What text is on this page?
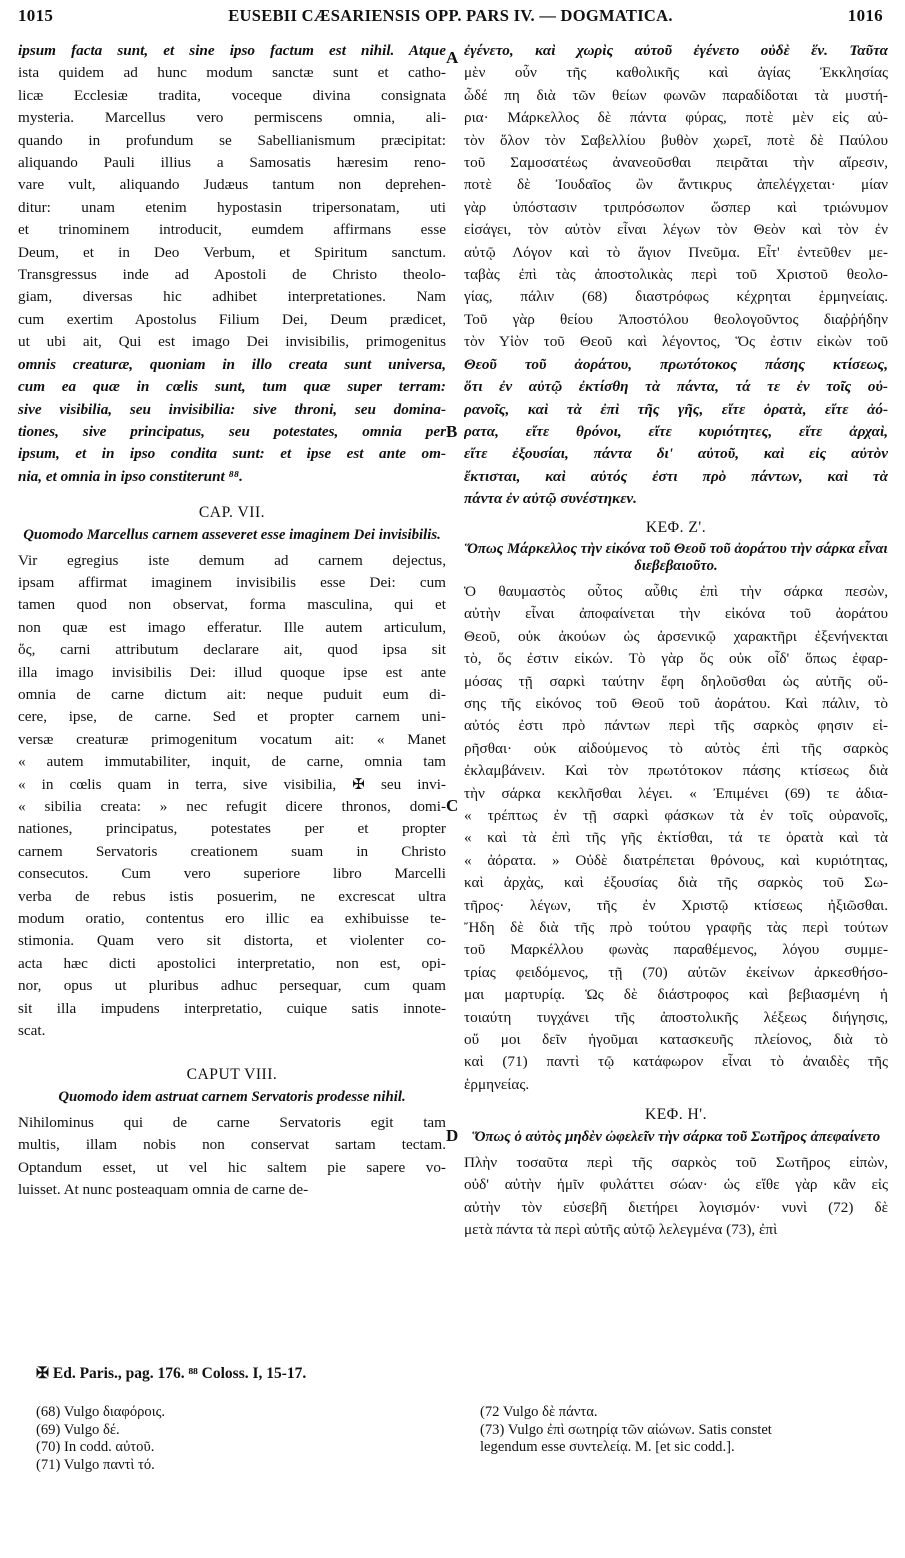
1015	EUSEBII CÆSARIENSIS OPP. PARS IV. — DOGMATICA.	1016
A
B
C
D

ipsum facta sunt, et sine ipso factum est nihil. Atque

ista quidem ad hunc modum sanctæ sunt et catho-

licæ Ecclesiæ tradita, voceque divina consignata

mysteria. Marcellus vero permiscens omnia, ali-

quando in profundum se Sabellianismum præcipitat:

aliquando Pauli illius a Samosatis hæresim reno-

vare vult, aliquando Judæus tantum non deprehen-

ditur: unam etenim hypostasin tripersonatam, uti

et trinominem introducit, eumdem affirmans esse

Deum, et in Deo Verbum, et Spiritum sanctum.

Transgressus inde ad Apostoli de Christo theolo-

giam, diversas hic adhibet interpretationes. Nam

cum exertim Apostolus Filium Dei, Deum prædicet,

ut ubi ait, Qui est imago Dei invisibilis, primogenitus

omnis creaturæ, quoniam in illo creata sunt universa,

cum ea quæ in cœlis sunt, tum quæ super terram:

sive visibilia, seu invisibilia: sive throni, seu domina-

tiones, sive principatus, seu potestates, omnia per

ipsum, et in ipso condita sunt: et ipse est ante om-

nia, et omnia in ipso constiterunt ⁸⁸.

CAP. VII.
Quomodo Marcellus carnem asseveret esse imaginem Dei invisibilis.

Vir egregius iste demum ad carnem dejectus,

ipsam affirmat imaginem invisibilis esse Dei: cum

tamen quod non observat, forma masculina, qui et

non quæ est imago efferatur. Ille autem articulum,

ὅς, carni attributum declarare ait, quod ipsa sit

illa imago invisibilis Dei: illud quoque ipse est ante

omnia de carne dictum ait: neque puduit eum di-

cere, ipse, de carne. Sed et propter carnem uni-

versæ creaturæ primogenitum vocatum ait: « Manet

« autem immutabiliter, inquit, de carne, omnia tam

« in cœlis quam in terra, sive visibilia, ✠ seu invi-

« sibilia creata: » nec refugit dicere thronos, domi-

nationes, principatus, potestates per et propter

carnem Servatoris creationem suam in Christo

consecutos. Cum vero superiore libro Marcelli

verba de rebus istis posuerim, ne excrescat ultra

modum oratio, contentus ero illic ea exhibuisse te-

stimonia. Quam vero sit distorta, et violenter co-

acta hæc dicti apostolici interpretatio, non est, opi-

nor, opus ut pluribus adhuc persequar, cum quam

sit illa impudens interpretatio, cuique satis innote-

scat.

CAPUT VIII.
Quomodo idem astruat carnem Servatoris prodesse nihil.

Nihilominus qui de carne Servatoris egit tam

multis, illam nobis non conservat sartam tectam.

Optandum esset, ut vel hic saltem pie sapere vo-

luisset. At nunc posteaquam omnia de carne de-

ἐγένετο, καὶ χωρὶς αὐτοῦ ἐγένετο οὐδὲ ἕν. Ταῦτα

μὲν οὖν τῆς καθολικῆς καὶ ἁγίας Ἐκκλησίας

ὧδέ πη διὰ τῶν θείων φωνῶν παραδίδοται τὰ μυστή-

ρια· Μάρκελλος δὲ πάντα φύρας, ποτὲ μὲν εἰς αὐ-

τὸν ὅλον τὸν Σαβελλίου βυθὸν χωρεῖ, ποτὲ δὲ Παύλου

τοῦ Σαμοσατέως ἀνανεοῦσθαι πειρᾶται τὴν αἵρεσιν,

ποτὲ δὲ Ἰουδαῖος ὢν ἄντικρυς ἀπελέγχεται· μίαν

γὰρ ὑπόστασιν τριπρόσωπον ὥσπερ καὶ τριώνυμον

εἰσάγει, τὸν αὐτὸν εἶναι λέγων τὸν Θεὸν καὶ τὸν ἐν

αὐτῷ Λόγον καὶ τὸ ἅγιον Πνεῦμα. Εἶτ' ἐντεῦθεν με-

ταβὰς ἐπὶ τὰς ἀποστολικὰς περὶ τοῦ Χριστοῦ θεολο-

γίας, πάλιν (68) διαστρόφως κέχρηται ἑρμηνείαις.

Τοῦ γὰρ θείου Ἀποστόλου θεολογοῦντος διαῤῥήδην

τὸν Υἱὸν τοῦ Θεοῦ καὶ λέγοντος, Ὅς ἐστιν εἰκὼν τοῦ

Θεοῦ τοῦ ἀοράτου, πρωτότοκος πάσης κτίσεως,

ὅτι ἐν αὐτῷ ἐκτίσθη τὰ πάντα, τά τε ἐν τοῖς οὐ-

ρανοῖς, καὶ τὰ ἐπὶ τῆς γῆς, εἴτε ὁρατὰ, εἴτε ἀό-

ρατα, εἴτε θρόνοι, εἴτε κυριότητες, εἴτε ἀρχαὶ,

εἴτε ἐξουσίαι, πάντα δι' αὐτοῦ, καὶ εἰς αὐτὸν

ἔκτισται, καὶ αὐτός ἐστι πρὸ πάντων, καὶ τὰ

πάντα ἐν αὐτῷ συνέστηκεν.

ΚΕΦ. Ζ'.
Ὅπως Μάρκελλος τὴν εἰκόνα τοῦ Θεοῦ τοῦ ἀοράτου τὴν σάρκα εἶναι διεβεβαιοῦτο.

Ὁ θαυμαστὸς οὗτος αὖθις ἐπὶ τὴν σάρκα πεσὼν,

αὐτὴν εἶναι ἀποφαίνεται τὴν εἰκόνα τοῦ ἀοράτου

Θεοῦ, οὐκ ἀκούων ὡς ἀρσενικῷ χαρακτῆρι ἐξενήνεκται

τὸ, ὅς ἐστιν εἰκών. Τὸ γὰρ ὅς οὐκ οἶδ' ὅπως ἐφαρ-

μόσας τῇ σαρκὶ ταύτην ἔφη δηλοῦσθαι ὡς αὐτῆς οὔ-

σης τῆς εἰκόνος τοῦ Θεοῦ τοῦ ἀοράτου. Καὶ πάλιν, τὸ

αὐτός ἐστι πρὸ πάντων περὶ τῆς σαρκὸς φησιν εἰ-

ρῆσθαι· οὐκ αἰδούμενος τὸ αὐτὸς ἐπὶ τῆς σαρκὸς

ἐκλαμβάνειν. Καὶ τὸν πρωτότοκον πάσης κτίσεως διὰ

τὴν σάρκα κεκλῆσθαι λέγει. « Ἐπιμένει (69) τε ἀδια-

« τρέπτως ἐν τῇ σαρκὶ φάσκων τὰ ἐν τοῖς οὐρανοῖς,

« καὶ τὰ ἐπὶ τῆς γῆς ἐκτίσθαι, τά τε ὁρατὰ καὶ τὰ

« ἀόρατα. » Οὐδὲ διατρέπεται θρόνους, καὶ κυριότητας,

καὶ ἀρχὰς, καὶ ἐξουσίας διὰ τῆς σαρκὸς τοῦ Σω-

τῆρος· λέγων, τῆς ἐν Χριστῷ κτίσεως ἠξιῶσθαι.

Ἤδη δὲ διὰ τῆς πρὸ τούτου γραφῆς τὰς περὶ τούτων

τοῦ Μαρκέλλου φωνὰς παραθέμενος, λόγου συμμε-

τρίας φειδόμενος, τῇ (70) αὐτῶν ἐκείνων ἀρκεσθήσο-

μαι μαρτυρίᾳ. Ὡς δὲ διάστροφος καὶ βεβιασμένη ἡ

τοιαύτη τυγχάνει τῆς ἀποστολικῆς λέξεως διήγησις,

οὔ μοι δεῖν ἡγοῦμαι κατασκευῆς πλείονος, διὰ τὸ

καὶ (71) παντὶ τῷ κατάφωρον εἶναι τὸ ἀναιδὲς τῆς

ἑρμηνείας.

ΚΕΦ. Η'.
Ὅπως ὁ αὐτὸς μηδὲν ὠφελεῖν τὴν σάρκα τοῦ Σωτῆρος ἀπεφαίνετο

Πλὴν τοσαῦτα περὶ τῆς σαρκὸς τοῦ Σωτῆρος εἰπὼν,

οὐδ' αὐτὴν ἡμῖν φυλάττει σώαν· ὡς εἴθε γὰρ κἂν εἰς

αὐτὴν τὸν εὐσεβῆ διετήρει λογισμόν· νυνὶ (72) δὲ

μετὰ πάντα τὰ περὶ αὐτῆς αὐτῷ λελεγμένα (73), ἐπὶ

✠ Ed. Paris., pag. 176. ⁸⁸ Coloss. I, 15-17.

(68) Vulgo διαφόροις.

(69) Vulgo δέ.

(70) In codd. αὐτοῦ.

(71) Vulgo παντὶ τό.

(72 Vulgo δὲ πάντα.

(73) Vulgo ἐπὶ σωτηρίᾳ τῶν αἰώνων. Satis constet

legendum esse συντελείᾳ. M. [et sic codd.].
